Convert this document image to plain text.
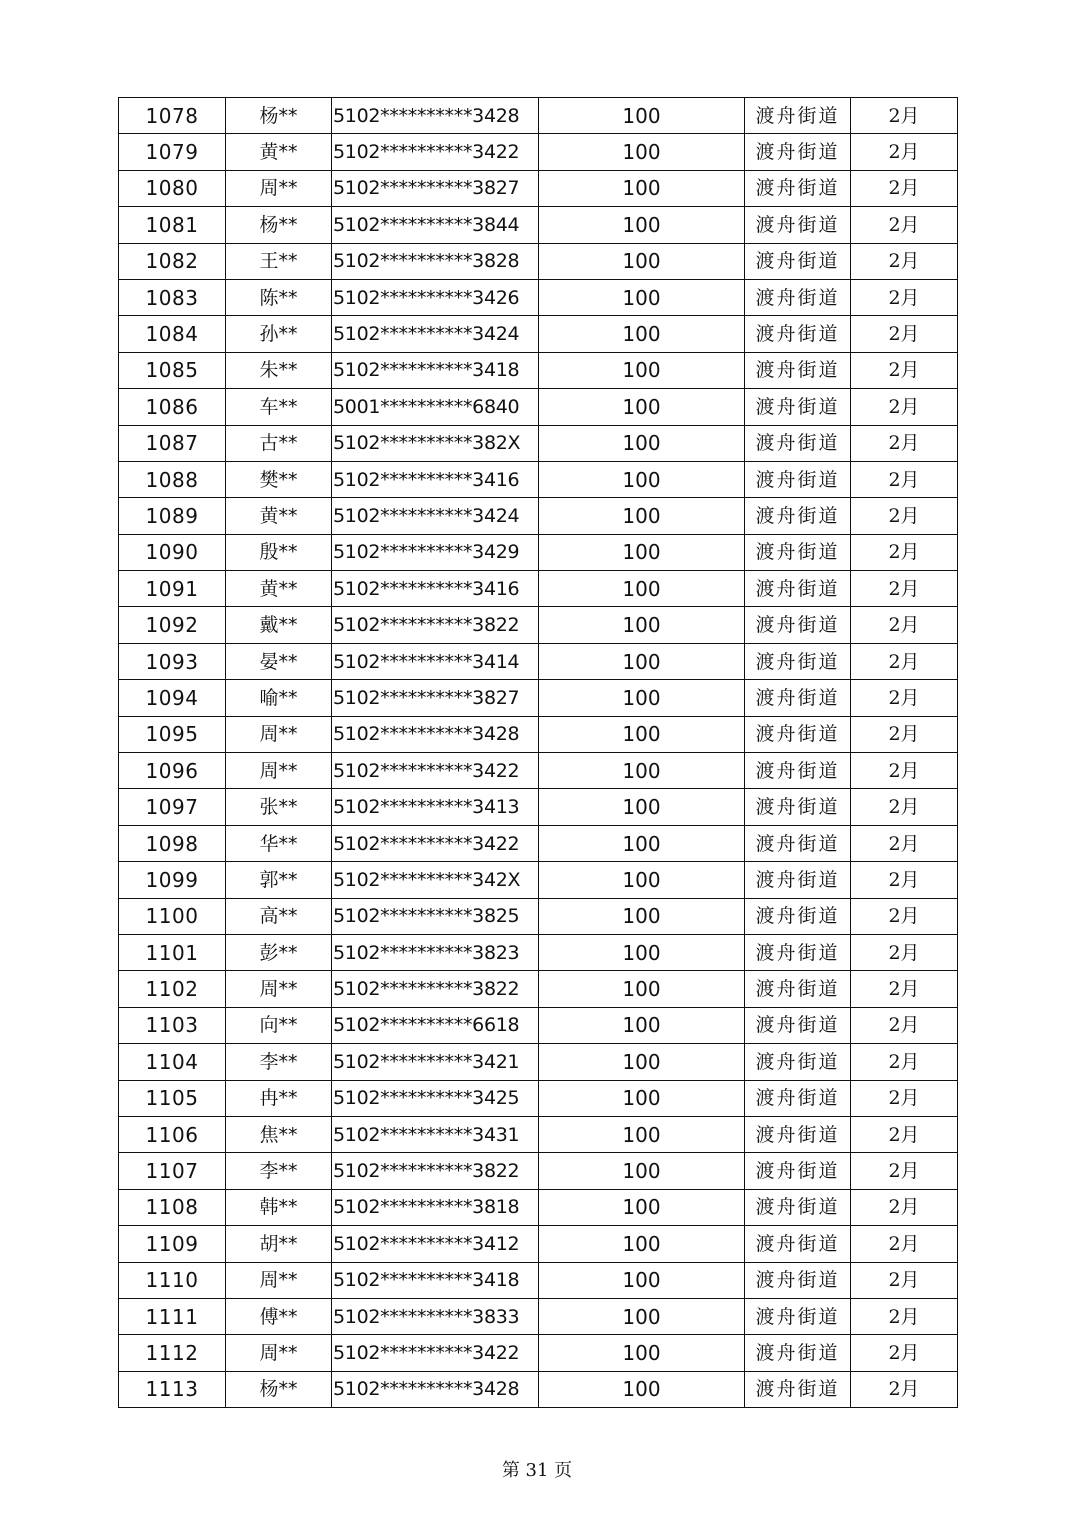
1078	杨**	5102**********3428	100	渡舟街道	2月
1079	黄**	5102**********3422	100	渡舟街道	2月
1080	周**	5102**********3827	100	渡舟街道	2月
1081	杨**	5102**********3844	100	渡舟街道	2月
1082	王**	5102**********3828	100	渡舟街道	2月
1083	陈**	5102**********3426	100	渡舟街道	2月
1084	孙**	5102**********3424	100	渡舟街道	2月
1085	朱**	5102**********3418	100	渡舟街道	2月
1086	车**	5001**********6840	100	渡舟街道	2月
1087	古**	5102**********382X	100	渡舟街道	2月
1088	樊**	5102**********3416	100	渡舟街道	2月
1089	黄**	5102**********3424	100	渡舟街道	2月
1090	殷**	5102**********3429	100	渡舟街道	2月
1091	黄**	5102**********3416	100	渡舟街道	2月
1092	戴**	5102**********3822	100	渡舟街道	2月
1093	晏**	5102**********3414	100	渡舟街道	2月
1094	喻**	5102**********3827	100	渡舟街道	2月
1095	周**	5102**********3428	100	渡舟街道	2月
1096	周**	5102**********3422	100	渡舟街道	2月
1097	张**	5102**********3413	100	渡舟街道	2月
1098	华**	5102**********3422	100	渡舟街道	2月
1099	郭**	5102**********342X	100	渡舟街道	2月
1100	高**	5102**********3825	100	渡舟街道	2月
1101	彭**	5102**********3823	100	渡舟街道	2月
1102	周**	5102**********3822	100	渡舟街道	2月
1103	向**	5102**********6618	100	渡舟街道	2月
1104	李**	5102**********3421	100	渡舟街道	2月
1105	冉**	5102**********3425	100	渡舟街道	2月
1106	焦**	5102**********3431	100	渡舟街道	2月
1107	李**	5102**********3822	100	渡舟街道	2月
1108	韩**	5102**********3818	100	渡舟街道	2月
1109	胡**	5102**********3412	100	渡舟街道	2月
1110	周**	5102**********3418	100	渡舟街道	2月
1111	傅**	5102**********3833	100	渡舟街道	2月
1112	周**	5102**********3422	100	渡舟街道	2月
1113	杨**	5102**********3428	100	渡舟街道	2月
第 31 页
